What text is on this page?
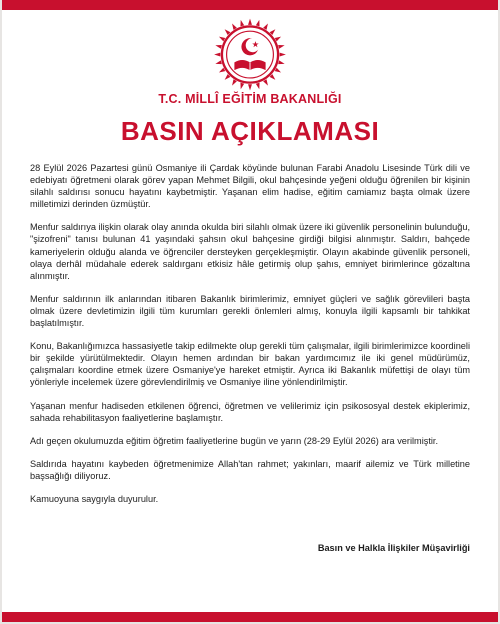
T.C. MİLLÎ EĞİTİM BAKANLIĞI
BASIN AÇIKLAMASI

28 Eylül 2026 Pazartesi günü Osmaniye ili Çardak köyünde bulunan Farabi Anadolu Lisesinde Türk dili ve edebiyatı öğretmeni olarak görev yapan Mehmet Bilgili, okul bahçesinde yeğeni olduğu öğrenilen bir kişinin silahlı saldırısı sonucu hayatını kaybetmiştir. Yaşanan elim hadise, eğitim camiamız başta olmak üzere milletimizi derinden üzmüştür.

Menfur saldırıya ilişkin olarak olay anında okulda biri silahlı olmak üzere iki güvenlik personelinin bulunduğu, "şizofreni" tanısı bulunan 41 yaşındaki şahsın okul bahçesine girdiği bilgisi alınmıştır. Saldırı, bahçede kameriyelerin olduğu alanda ve öğrenciler dersteyken gerçekleşmiştir. Olayın akabinde güvenlik personeli, olaya derhâl müdahale ederek saldırganı etkisiz hâle getirmiş olup şahıs, emniyet birimlerince gözaltına alınmıştır.

Menfur saldırının ilk anlarından itibaren Bakanlık birimlerimiz, emniyet güçleri ve sağlık görevlileri başta olmak üzere devletimizin ilgili tüm kurumları gerekli önlemleri almış, konuyla ilgili kapsamlı bir tahkikat başlatılmıştır.

Konu, Bakanlığımızca hassasiyetle takip edilmekte olup gerekli tüm çalışmalar, ilgili birimlerimizce koordineli bir şekilde yürütülmektedir. Olayın hemen ardından bir bakan yardımcımız ile iki genel müdürümüz, çalışmaları koordine etmek üzere Osmaniye'ye hareket etmiştir. Ayrıca iki Bakanlık müfettişi de olayı tüm yönleriyle incelemek üzere görevlendirilmiş ve Osmaniye iline yönlendirilmiştir.

Yaşanan menfur hadiseden etkilenen öğrenci, öğretmen ve velilerimiz için psikososyal destek ekiplerimiz, sahada rehabilitasyon faaliyetlerine başlamıştır.

Adı geçen okulumuzda eğitim öğretim faaliyetlerine bugün ve yarın (28-29 Eylül 2026) ara verilmiştir.

Saldırıda hayatını kaybeden öğretmenimize Allah'tan rahmet; yakınları, maarif ailemiz ve Türk milletine başsağlığı diliyoruz.

Kamuoyuna saygıyla duyurulur.

Basın ve Halkla İlişkiler Müşavirliği
